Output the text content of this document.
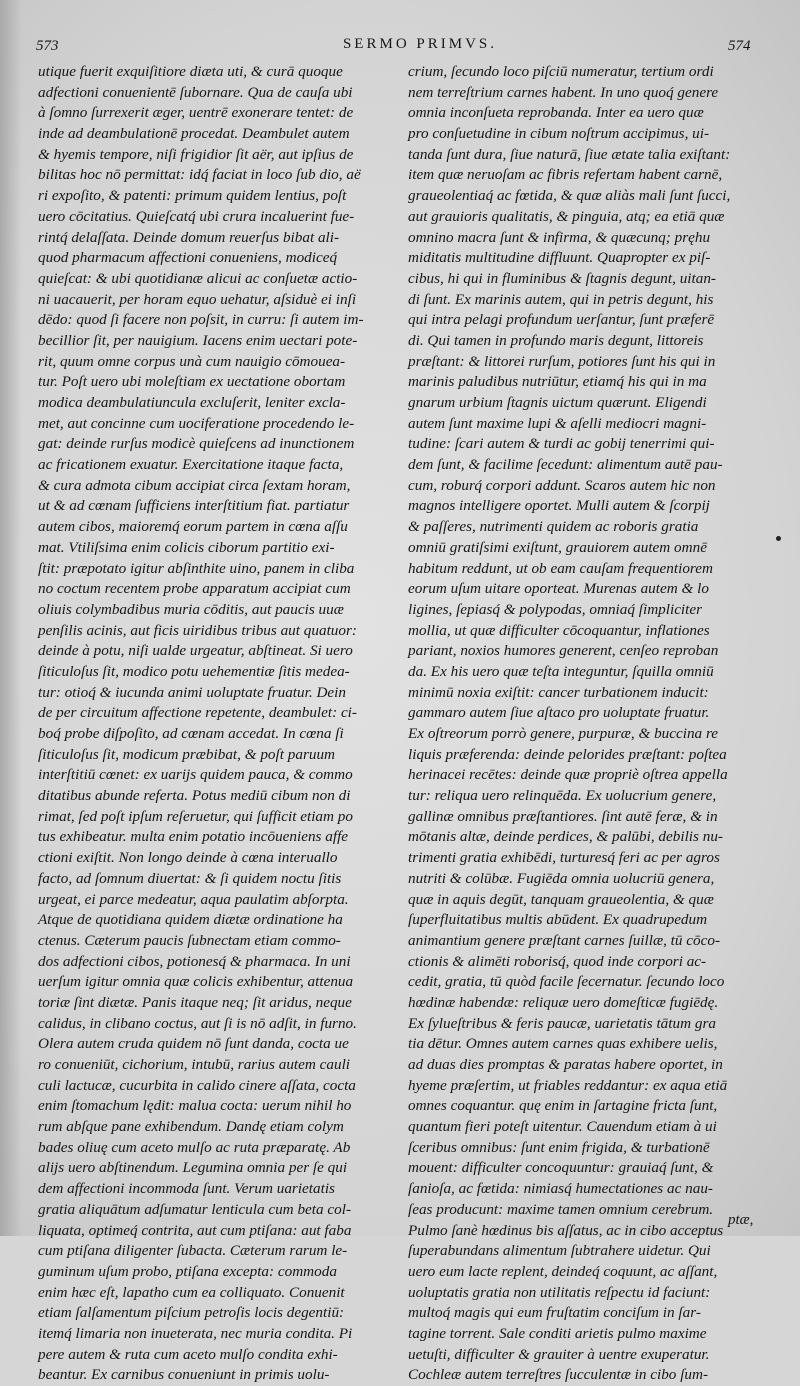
573	SERMO PRIMVS.	574
utique fuerit exquiſitiore diæta uti, & curā quoque
adfectioni conuenientē ſubornare. Qua de cauſa ubi
à ſomno ſurrexerit æger, uentrē exonerare tentet: de
inde ad deambulationē procedat. Deambulet autem
& hyemis tempore, niſi frigidior ſit aër, aut ipſius de
bilitas hoc nō permittat: idq́ faciat in loco ſub dio, aë
ri expoſito, & patenti: primum quidem lentius, poſt
uero cōcitatius. Quieſcatq́ ubi crura incaluerint fue-
rintq́ delaſſata. Deinde domum reuerſus bibat ali-
quod pharmacum affectioni conueniens, modiceq́
quieſcat: & ubi quotidianæ alicui ac conſuetæ actio-
ni uacauerit, per horam equo uehatur, aſsiduè ei inſi
dēdo: quod ſi facere non poſsit, in curru: ſi autem im-
becillior ſit, per nauigium. Iacens enim uectari pote-
rit, quum omne corpus unà cum nauigio cōmouea-
tur. Poſt uero ubi moleſtiam ex uectatione obortam
modica deambulatiuncula excluſerit, leniter excla-
met, aut concinne cum uociferatione procedendo le-
gat: deinde rurſus modicè quieſcens ad inunctionem
ac fricationem exuatur. Exercitatione itaque facta,
& cura admota cibum accipiat circa ſextam horam,
ut & ad cœnam ſufficiens interſtitium fiat. partiatur
autem cibos, maioremq́ eorum partem in cœna aſſu
mat. Vtiliſsima enim colicis ciborum partitio exi-
ſtit: præpotato igitur abſinthite uino, panem in cliba
no coctum recentem probe apparatum accipiat cum
oliuis colymbadibus muria cōditis, aut paucis uuæ
penſilis acinis, aut ficis uiridibus tribus aut quatuor:
deinde à potu, niſi ualde urgeatur, abſtineat. Si uero
ſiticuloſus ſit, modico potu uehementiæ ſitis medea-
tur: otioq́ & iucunda animi uoluptate fruatur. Dein
de per circuitum affectione repetente, deambulet: ci-
boq́ probe diſpoſito, ad cœnam accedat. In cœna ſi
ſiticuloſus ſit, modicum præbibat, & poſt paruum
interſtitiū cœnet: ex uarijs quidem pauca, & commo
ditatibus abunde referta. Potus mediū cibum non di
rimat, ſed poſt ipſum reſeruetur, qui ſufficit etiam po
tus exhibeatur. multa enim potatio incōueniens affe
ctioni exiſtit. Non longo deinde à cœna interuallo
facto, ad ſomnum diuertat: & ſi quidem noctu ſitis
urgeat, ei parce medeatur, aqua paulatim abſorpta.
Atque de quotidiana quidem diætæ ordinatione ha
ctenus. Cæterum paucis ſubnectam etiam commo-
dos adfectioni cibos, potionesq́ & pharmaca. In uni
uerſum igitur omnia quæ colicis exhibentur, attenua
toriæ ſint diætæ. Panis itaque neq; ſit aridus, neque
calidus, in clibano coctus, aut ſi is nō adſit, in furno.
Olera autem cruda quidem nō ſunt danda, cocta ue
ro conueniūt, cichorium, intubū, rarius autem cauli
culi lactucæ, cucurbita in calido cinere aſſata, cocta
enim ſtomachum lędit: malua cocta: uerum nihil ho
rum abſque pane exhibendum. Dandę etiam colym
bades oliuę cum aceto mulſo ac ruta præparatę. Ab
alijs uero abſtinendum. Legumina omnia per ſe qui
dem affectioni incommoda ſunt. Verum uarietatis
gratia aliquātum adſumatur lenticula cum beta col-
liquata, optimeq́ contrita, aut cum ptiſana: aut faba
cum ptiſana diligenter ſubacta. Cæterum rarum le-
guminum uſum probo, ptiſana excepta: commoda
enim hæc eſt, lapatho cum ea colliquato. Conuenit
etiam ſalſamentum piſcium petroſis locis degentiū:
itemq́ limaria non inueterata, nec muria condita. Pi
pere autem & ruta cum aceto mulſo condita exhi-
beantur. Ex carnibus conueniunt in primis uolu-
crium, ſecundo loco piſciū numeratur, tertium ordi
nem terreſtrium carnes habent. In uno quoq́ genere
omnia inconſueta reprobanda. Inter ea uero quæ
pro conſuetudine in cibum noſtrum accipimus, ui-
tanda ſunt dura, ſiue naturā, ſiue ætate talia exiſtant:
item quæ neruoſam ac fibris refertam habent carnē,
graueolentiaq́ ac fœtida, & quæ aliàs mali ſunt ſucci,
aut grauioris qualitatis, & pinguia, atq; ea etiā quæ
omnino macra ſunt & infirma, & quæcunq; pręhu
miditatis multitudine diffluunt. Quapropter ex piſ-
cibus, hi qui in fluminibus & ſtagnis degunt, uitan-
di ſunt. Ex marinis autem, qui in petris degunt, his
qui intra pelagi profundum uerſantur, ſunt præferē
di. Qui tamen in profundo maris degunt, littoreis
præſtant: & littorei rurſum, potiores ſunt his qui in
marinis paludibus nutriūtur, etiamq́ his qui in ma
gnarum urbium ſtagnis uictum quærunt. Eligendi
autem ſunt maxime lupi & aſelli mediocri magni-
tudine: ſcari autem & turdi ac gobij tenerrimi qui-
dem ſunt, & facilime ſecedunt: alimentum autē pau-
cum, roburq́ corpori addunt. Scaros autem hic non
magnos intelligere oportet. Mulli autem & ſcorpij
& paſſeres, nutrimenti quidem ac roboris gratia
omniū gratiſsimi exiſtunt, grauiorem autem omnē
habitum reddunt, ut ob eam cauſam frequentiorem
eorum uſum uitare oporteat. Murenas autem & lo
ligines, ſepiasq́ & polypodas, omniaq́ ſimpliciter
mollia, ut quæ difficulter cōcoquantur, inflationes
pariant, noxios humores generent, cenſeo reproban
da. Ex his uero quæ teſta integuntur, ſquilla omniū
minimū noxia exiſtit: cancer turbationem inducit:
gammaro autem ſiue aſtaco pro uoluptate fruatur.
Ex oſtreorum porrò genere, purpuræ, & buccina re
liquis præferenda: deinde pelorides præſtant: poſtea
herinacei recētes: deinde quæ propriè oſtrea appella
tur: reliqua uero relinquēda. Ex uolucrium genere,
gallinæ omnibus præſtantiores. ſint autē feræ, & in
mōtanis altæ, deinde perdices, & palūbi, debilis nu-
trimenti gratia exhibēdi, turturesq́ feri ac per agros
nutriti & colūbæ. Fugiēda omnia uolucriū genera,
quæ in aquis degūt, tanquam graueolentia, & quæ
ſuperfluitatibus multis abūdent. Ex quadrupedum
animantium genere præſtant carnes ſuillæ, tū cōco-
ctionis & alimēti roborisq́, quod inde corpori ac-
cedit, gratia, tū quòd facile ſecernatur. ſecundo loco
hœdinæ habendæ: reliquæ uero domeſticæ fugiēdę.
Ex ſylueſtribus & feris paucæ, uarietatis tātum gra
tia dētur. Omnes autem carnes quas exhibere uelis,
ad duas dies promptas & paratas habere oportet, in
hyeme præſertim, ut friables reddantur: ex aqua etiā
omnes coquantur. quę enim in ſartagine fricta ſunt,
quantum fieri poteſt uitentur. Cauendum etiam à ui
ſceribus omnibus: ſunt enim frigida, & turbationē
mouent: difficulter concoquuntur: grauiaq́ ſunt, &
ſanioſa, ac fœtida: nimiasq́ humectationes ac nau-
ſeas producunt: maxime tamen omnium cerebrum.
Pulmo ſanè hœdinus bis aſſatus, ac in cibo acceptus
ſuperabundans alimentum ſubtrahere uidetur. Qui
uero eum lacte replent, deindeq́ coquunt, ac aſſant,
uoluptatis gratia non utilitatis reſpectu id faciunt:
multoq́ magis qui eum fruſtatim conciſum in ſar-
tagine torrent. Sale conditi arietis pulmo maxime
uetuſti, difficulter & grauiter à uentre exuperatur.
Cochleæ autem terreſtres ſucculentæ in cibo ſum-
ptæ,
